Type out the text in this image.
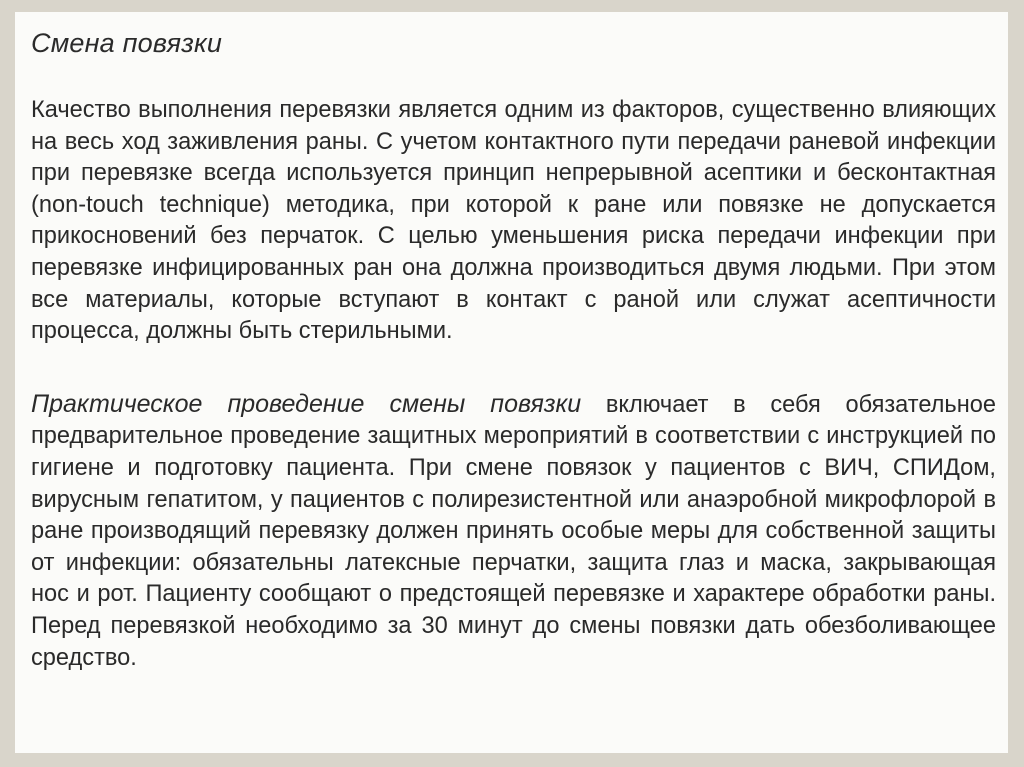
Смена повязки

Качество выполнения перевязки является одним из факторов, существенно влияющих на весь ход заживления раны. С учетом контактного пути передачи раневой инфекции при перевязке всегда используется принцип непрерывной асептики и бесконтактная (non-touch technique) методика, при которой к ране или повязке не допускается прикосновений без перчаток. С целью уменьшения риска передачи инфекции при перевязке инфицированных ран она должна производиться двумя людьми. При этом все материалы, которые вступают в контакт с раной или служат асептичности процесса, должны быть стерильными.

Практическое проведение смены повязки включает в себя обязательное предварительное проведение защитных мероприятий в соответствии с инструкцией по гигиене и подготовку пациента. При смене повязок у пациентов с ВИЧ, СПИДом, вирусным гепатитом, у пациентов с полирезистентной или анаэробной микрофлорой в ране производящий перевязку должен принять особые меры для собственной защиты от инфекции: обязательны латексные перчатки, защита глаз и маска, закрывающая нос и рот. Пациенту сообщают о предстоящей перевязке и характере обработки раны. Перед перевязкой необходимо за 30 минут до смены повязки дать обезболивающее средство.
